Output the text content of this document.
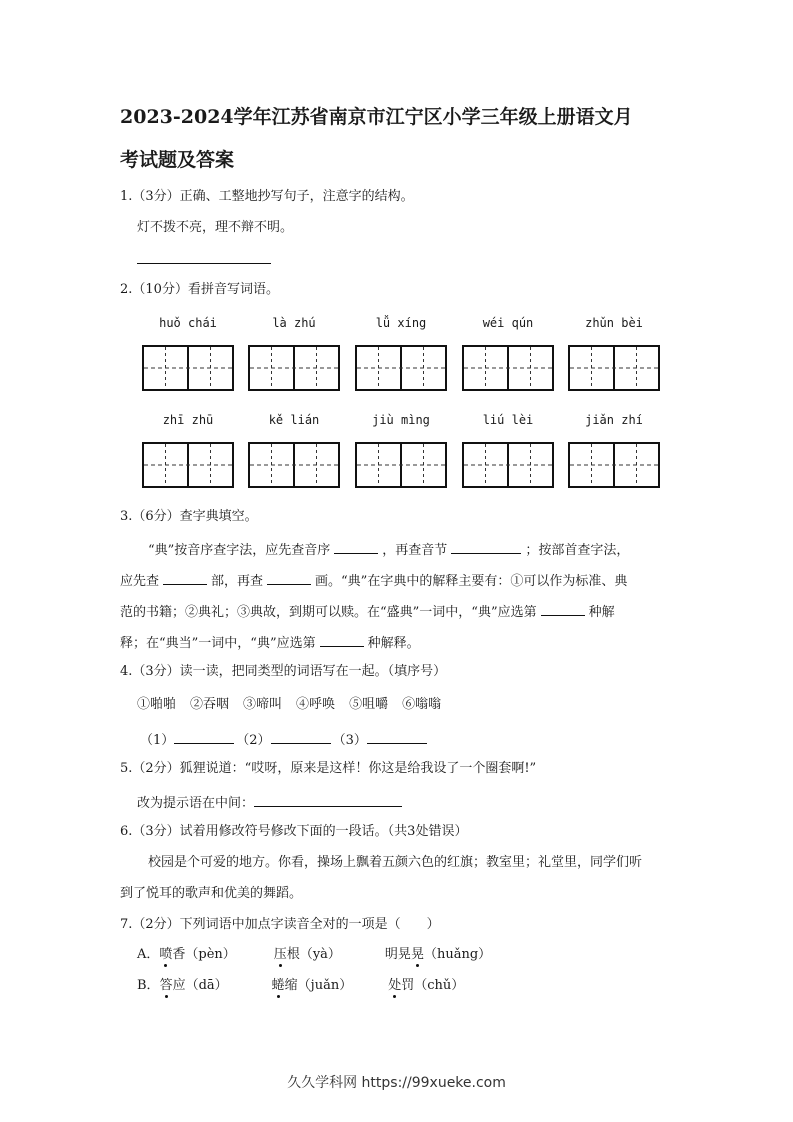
2023-2024学年江苏省南京市江宁区小学三年级上册语文月
考试题及答案
1.（3分）正确、工整地抄写句子，注意字的结构。
灯不拨不亮，理不辩不明。
2.（10分）看拼音写词语。
huǒ chái	là zhú	lǚ xíng	wéi qún	zhǔn bèi
zhī zhū	kě lián	jiù mìng	liú lèi	jiǎn zhí
3.（6分）查字典填空。
“典”按音序查字法，应先查音序	，再查音节	；按部首查字法，
应先查	部，再查	画。“典”在字典中的解释主要有：①可以作为标准、典
范的书籍；②典礼；③典故，到期可以赎。在“盛典”一词中，“典”应选第	种解
释；在“典当”一词中，“典”应选第	种解释。
4.（3分）读一读，把同类型的词语写在一起。（填序号）
①啪啪 ②吞咽 ③啼叫 ④呼唤 ⑤咀嚼 ⑥嗡嗡
（1）	（2）	（3）
5.（2分）狐狸说道：“哎呀，原来是这样！你这是给我设了一个圈套啊!”
改为提示语在中间：
6.（3分）试着用修改符号修改下面的一段话。（共3处错误）
校园是个可爱的地方。你看，操场上飘着五颜六色的红旗；教室里；礼堂里，同学们听
到了悦耳的歌声和优美的舞蹈。
7.（2分）下列词语中加点字读音全对的一项是（　　）
A．喷香（pèn）	压根（yà）	明晃晃（huǎng）
B．答应（dā）	蜷缩（juǎn）	处罚（chǔ）
久久学科网 https://99xueke.com
